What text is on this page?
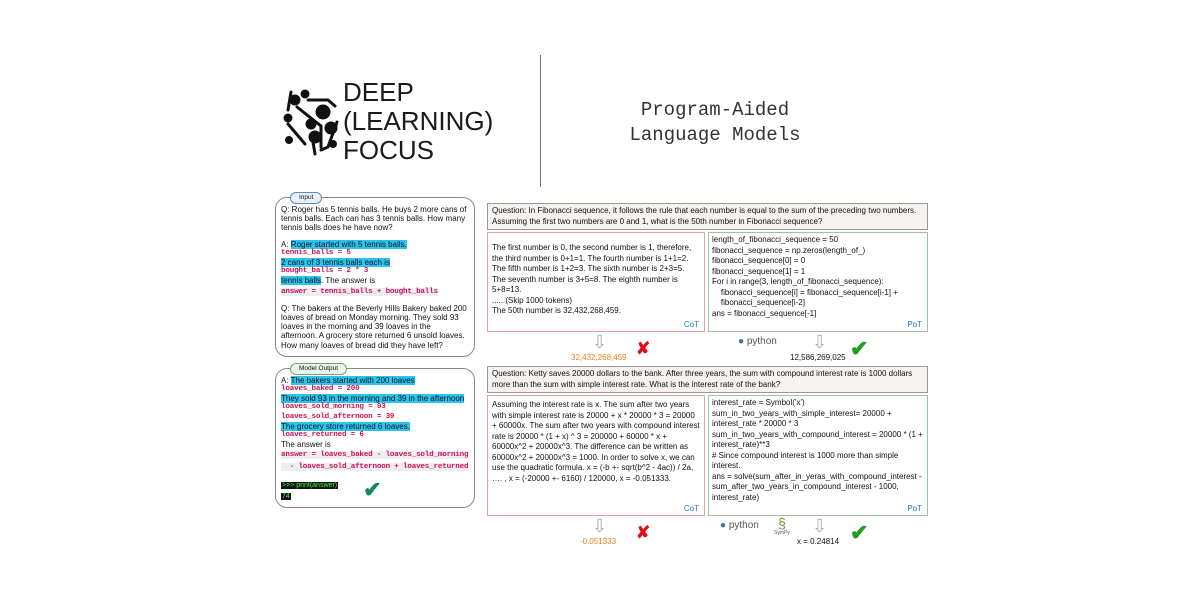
DEEP
(LEARNING)
FOCUS
Program-Aided
Language Models
Input
Q: Roger has 5 tennis balls. He buys 2 more cans of tennis balls. Each can has 3 tennis balls. How many tennis balls does he have now?
A: Roger started with 5 tennis balls.
tennis_balls = 5
2 cans of 3 tennis balls each is
bought_balls = 2 * 3
tennis balls. The answer is
answer = tennis_balls + bought_balls
Q: The bakers at the Beverly Hills Bakery baked 200 loaves of bread on Monday morning. They sold 93 loaves in the morning and 39 loaves in the afternoon. A grocery store returned 6 unsold loaves. How many loaves of bread did they have left?
Model Output
A: The bakers started with 200 loaves
loaves_baked = 200
They sold 93 in the morning and 39 in the afternoon
loaves_sold_morning = 93
loaves_sold_afternoon = 39
The grocery store returned 6 loaves.
loaves_returned = 6
The answer is
answer = loaves_baked - loaves_sold_morning
- loaves_sold_afternoon + loaves_returned
>>> print(answer)
74	✔
Question: In Fibonacci sequence, it follows the rule that each number is equal to the sum of the preceding two numbers. Assuming the first two numbers are 0 and 1, what is the 50th number in Fibonacci sequence?
The first number is 0, the second number is 1, therefore, the third number is 0+1=1. The fourth number is 1+1=2. The fifth number is 1+2=3. The sixth number is 2+3=5. The seventh number is 3+5=8. The eighth number is 5+8=13.
..... (Skip 1000 tokens)
The 50th number is 32,432,268,459.
CoT
length_of_fibonacci_sequence = 50
fibonacci_sequence = np.zeros(length_of_)
fibonacci_sequence[0] = 0
fibonacci_sequence[1] = 1
For i in range(3, length_of_fibonacci_sequence):
fibonacci_sequence[i] = fibonacci_sequence[i-1] +
fibonacci_sequence[i-2]
ans = fibonacci_sequence[-1]
PoT
⇩
32,432,268,459 ✘	● python ⇩
12,586,269,025 ✔
Question: Ketty saves 20000 dollars to the bank. After three years, the sum with compound interest rate is 1000 dollars more than the sum with simple interest rate. What is the interest rate of the bank?
Assuming the interest rate is x. The sum after two years with simple interest rate is 20000 + x * 20000 * 3 = 20000 + 60000x. The sum after two years with compound interest rate is 20000 * (1 + x) ^ 3 = 200000 + 60000 * x + 60000x^2 + 20000x^3. The difference can be written as 60000x^2 + 20000x^3 = 1000. In order to solve x, we can use the quadratic formula. x = (-b +- sqrt(b^2 - 4ac)) / 2a, …. , x = (-20000 +- 6160) / 120000, x = -0.051333.
CoT
interest_rate = Symbol('x')
sum_in_two_years_with_simple_interest= 20000 +
interest_rate * 20000 * 3
sum_in_two_years_with_compound_interest = 20000 * (1 +
interest_rate)**3
# Since compound interest is 1000 more than simple interest.
ans = solve(sum_after_in_yeras_with_compound_interest -
sum_after_two_years_in_compound_interest - 1000,
interest_rate)
PoT
⇩
-0.051333 ✘	● python	§
SymPy ⇩
x = 0.24814 ✔
